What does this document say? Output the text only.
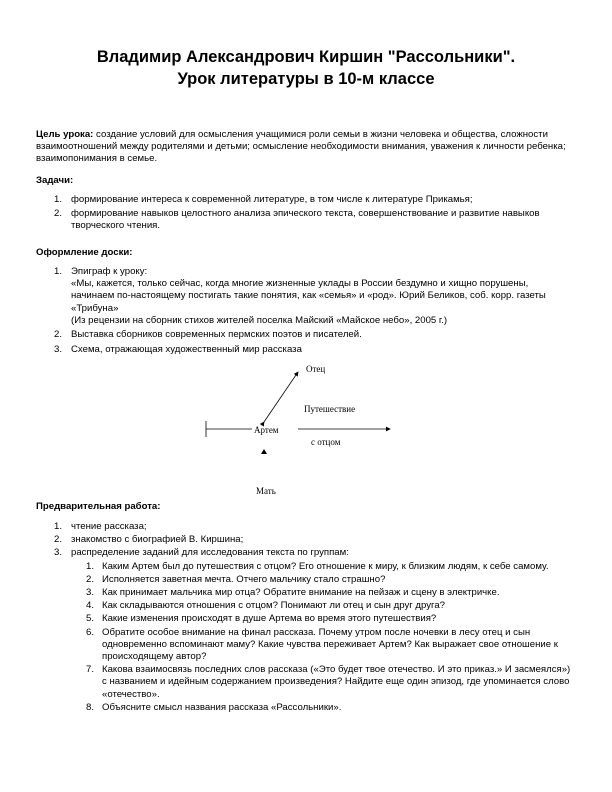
Владимир Александрович Киршин "Рассольники".
Урок литературы в 10-м классе
Цель урока: создание условий для осмысления учащимися роли семьи в жизни человека и общества, сложности взаимоотношений между родителями и детьми; осмысление необходимости внимания, уважения к личности ребенка; взаимопонимания в семье.
Задачи:
1. формирование интереса к современной литературе, в том числе к литературе Прикамья;
2. формирование навыков целостного анализа эпического текста, совершенствование и развитие навыков творческого чтения.
Оформление доски:
1. Эпиграф к уроку:
«Мы, кажется, только сейчас, когда многие жизненные уклады в России бездумно и хищно порушены, начинаем по-настоящему постигать такие понятия, как «семья» и «род». Юрий Беликов, соб. корр. газеты «Трибуна»
(Из рецензии на сборник стихов жителей поселка Майский «Майское небо», 2005 г.)
2. Выставка сборников современных пермских поэтов и писателей.
3. Схема, отражающая художественный мир рассказа
Отец
Путешествие
Артем
с отцом
Мать
Предварительная работа:
1. чтение рассказа;
2. знакомство с биографией В. Киршина;
3. распределение заданий для исследования текста по группам:
1. Каким Артем был до путешествия с отцом? Его отношение к миру, к близким людям, к себе самому.
2. Исполняется заветная мечта. Отчего мальчику стало страшно?
3. Как принимает мальчика мир отца? Обратите внимание на пейзаж и сцену в электричке.
4. Как складываются отношения с отцом? Понимают ли отец и сын друг друга?
5. Какие изменения происходят в душе Артема во время этого путешествия?
6. Обратите особое внимание на финал рассказа. Почему утром после ночевки в лесу отец и сын одновременно вспоминают маму? Какие чувства переживает Артем? Как выражает свое отношение к происходящему автор?
7. Какова взаимосвязь последних слов рассказа («Это будет твое отечество. И это приказ.» И засмеялся») с названием и идейным содержанием произведения? Найдите еще один эпизод, где упоминается слово «отечество».
8. Объясните смысл названия рассказа «Рассольники».
